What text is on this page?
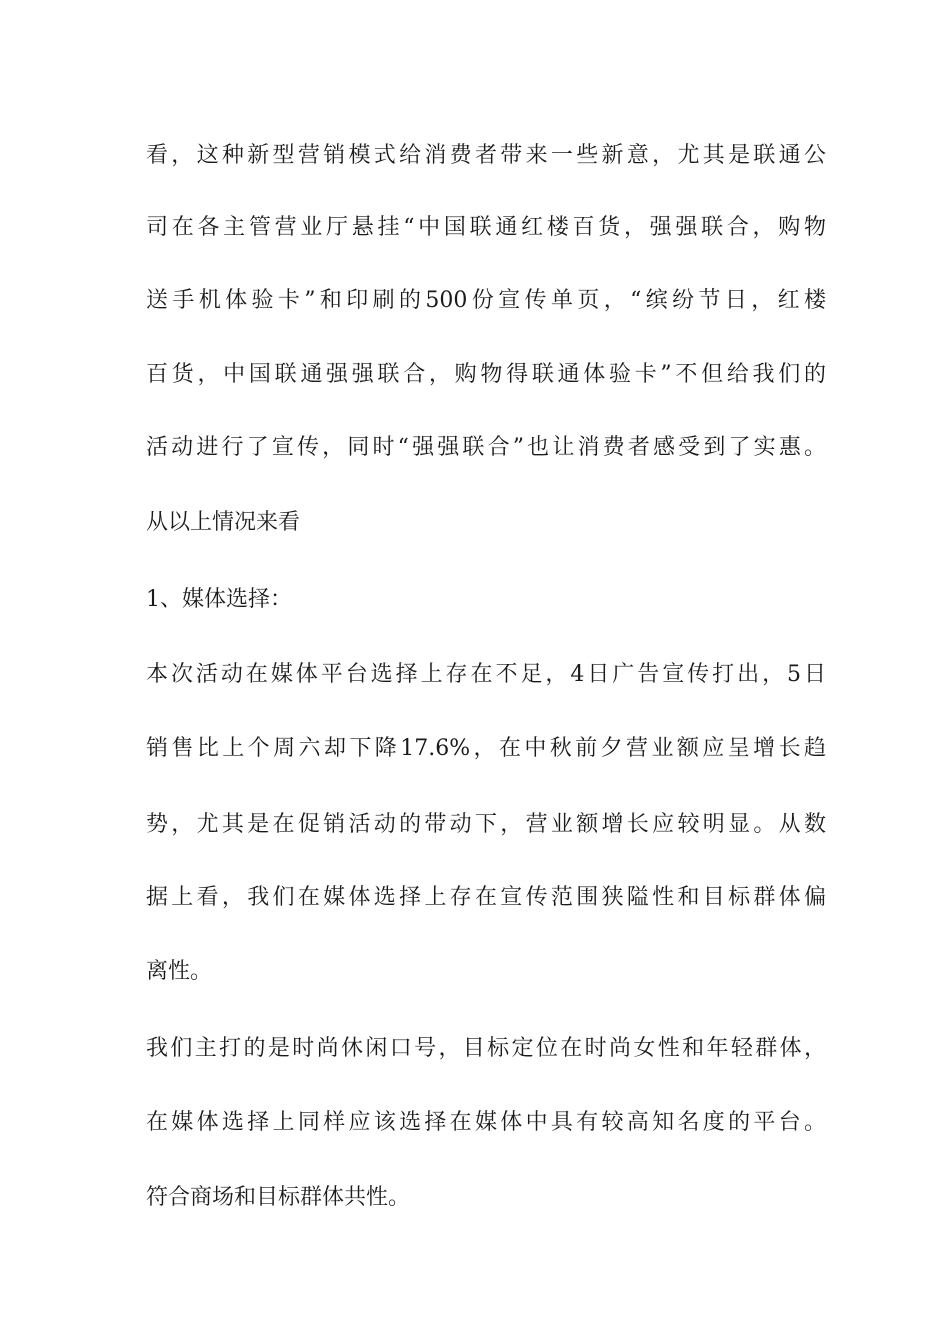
看，这种新型营销模式给消费者带来一些新意，尤其是联通公
司在各主管营业厅悬挂“中国联通红楼百货，强强联合，购物
送手机体验卡”和印刷的500份宣传单页，“缤纷节日，红楼
百货，中国联通强强联合，购物得联通体验卡”不但给我们的
活动进行了宣传，同时“强强联合”也让消费者感受到了实惠。
从以上情况来看
1、媒体选择：
本次活动在媒体平台选择上存在不足，4日广告宣传打出，5日
销售比上个周六却下降17.6%，在中秋前夕营业额应呈增长趋
势，尤其是在促销活动的带动下，营业额增长应较明显。从数
据上看，我们在媒体选择上存在宣传范围狭隘性和目标群体偏
离性。
我们主打的是时尚休闲口号，目标定位在时尚女性和年轻群体，
在媒体选择上同样应该选择在媒体中具有较高知名度的平台。
符合商场和目标群体共性。
